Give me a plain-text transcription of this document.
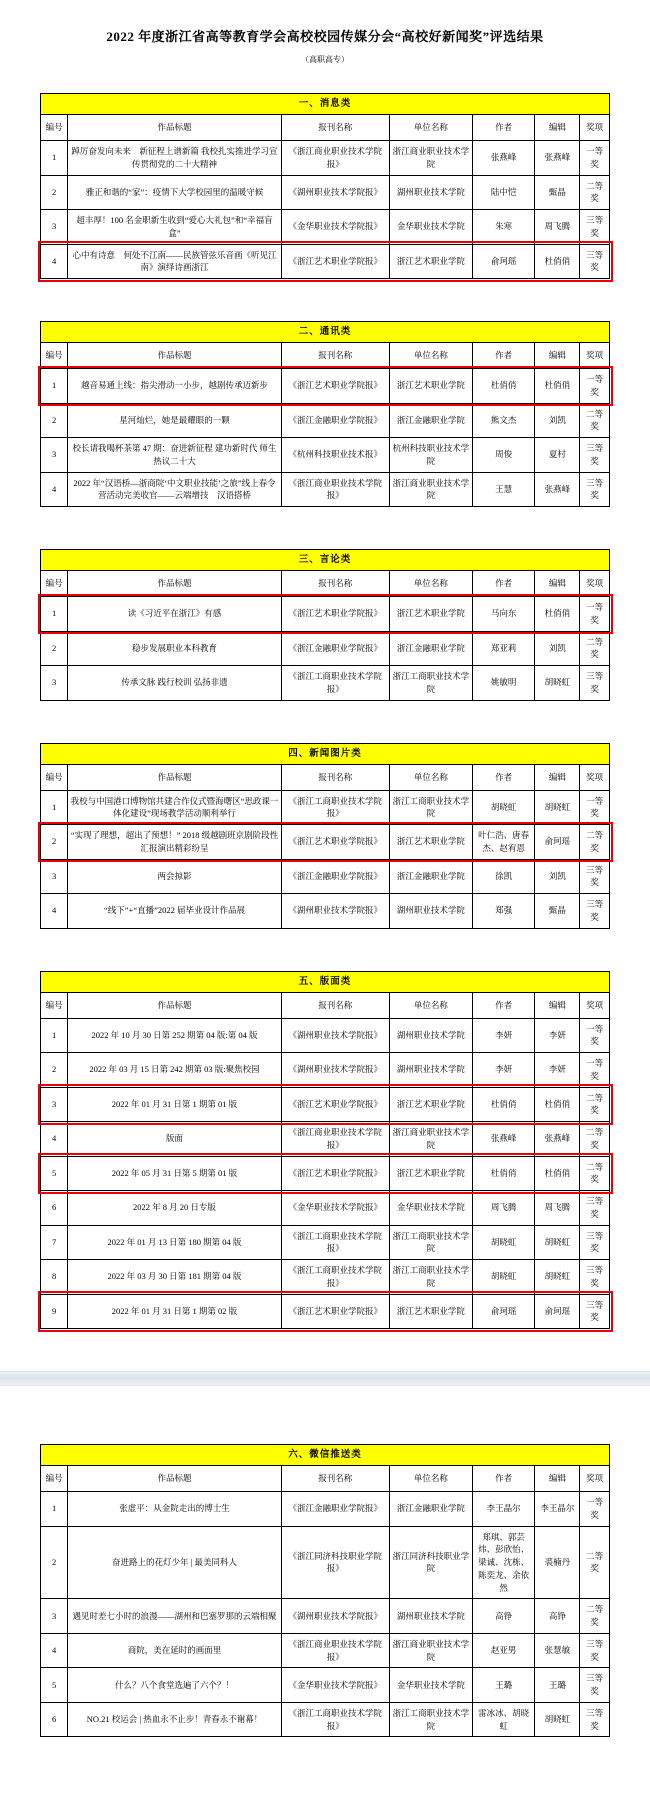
2022 年度浙江省高等教育学会高校校园传媒分会“高校好新闻奖”评选结果
（高职高专）
一、消息类						
编号	作品标题	报刊名称	单位名称	作者	编辑	奖项
1	踔厉奋发向未来　新征程上谱新篇 我校扎实推进学习宣传贯彻党的二十大精神	《浙江商业职业技术学院报》	浙江商业职业技术学院	张燕峰	张燕峰	一等奖
2	雅正和谐的“家”：疫情下大学校园里的温暖守候	《湖州职业技术学院报》	湖州职业技术学院	陆中恺	甄晶	二等奖
3	超丰厚！100 名金职新生收到“爱心大礼包”和“幸福盲盒”	《金华职业技术学院报》	金华职业技术学院	朱寒	周飞腾	三等奖
4	心中有诗意　何处不江南——民族管弦乐音画《听见江南》演绎诗画浙江	《浙江艺术职业学院报》	浙江艺术职业学院	俞珂瑶	杜俏俏	三等奖
二、通讯类						
编号	作品标题	报刊名称	单位名称	作者	编辑	奖项
1	越音易通上线：指尖滑动一小步，越剧传承迈新步	《浙江艺术职业学院报》	浙江艺术职业学院	杜俏俏	杜俏俏	一等奖
2	星河灿烂，她是最耀眼的一颗	《浙江金融职业学院报》	浙江金融职业学院	熊文杰	刘凯	二等奖
3	校长请我喝杯茶第 47 期：奋进新征程 建功新时代 师生热议二十大	《杭州科技职业技术报》	杭州科技职业技术学院	周俊	夏村	三等奖
4	2022 年“汉语桥—浙商院‘中文职业技能’之旅”线上春令营活动完美收官——云端增技　汉语搭桥	《浙江商业职业技术学院报》	浙江商业职业技术学院	王慧	张燕峰	三等奖
三、言论类						
编号	作品标题	报刊名称	单位名称	作者	编辑	奖项
1	读《习近平在浙江》有感	《浙江艺术职业学院报》	浙江艺术职业学院	马向东	杜俏俏	一等奖
2	稳步发展职业本科教育	《浙江金融职业学院报》	浙江金融职业学院	郑亚莉	刘凯	二等奖
3	传承文脉 践行校训 弘扬非遗	《浙江工商职业技术学院报》	浙江工商职业技术学院	姚敏明	胡晓虹	三等奖
四、新闻图片类						
编号	作品标题	报刊名称	单位名称	作者	编辑	奖项
1	我校与中国港口博物馆共建合作仪式暨海曙区“思政课一体化建设”现场教学活动顺利举行	《浙江工商职业技术学院报》	浙江工商职业技术学院	胡晓虹	胡晓虹	一等奖
2	“实现了理想，超出了预想！” 2018 级越剧班京剧阶段性汇报演出精彩纷呈	《浙江艺术职业学院报》	浙江艺术职业学院	叶仁浩、唐春杰、赵宥恩	俞珂瑶	二等奖
3	两会掠影	《浙江金融职业学院报》	浙江金融职业学院	徐凯	刘凯	三等奖
4	“线下”+“直播”2022 届毕业设计作品展	《湖州职业技术学院报》	湖州职业技术学院	郑强	甄晶	三等奖
五、版面类						
编号	作品标题	报刊名称	单位名称	作者	编辑	奖项
1	2022 年 10 月 30 日第 252 期第 04 版:第 04 版	《湖州职业技术学院报》	湖州职业技术学院	李妍	李妍	一等奖
2	2022 年 03 月 15 日第 242 期第 03 版:聚焦校园	《湖州职业技术学院报》	湖州职业技术学院	李妍	李妍	一等奖
3	2022 年 01 月 31 日第 1 期第 01 版	《浙江艺术职业学院报》	浙江艺术职业学院	杜俏俏	杜俏俏	二等奖
4	版面	《浙江商业职业技术学院报》	浙江商业职业技术学院	张燕峰	张燕峰	二等奖
5	2022 年 05 月 31 日第 5 期第 01 版	《浙江艺术职业学院报》	浙江艺术职业学院	杜俏俏	杜俏俏	二等奖
6	2022 年 8 月 20 日专版	《金华职业技术学院报》	金华职业技术学院	周飞腾	周飞腾	三等奖
7	2022 年 01 月 13 日第 180 期第 04 版	《浙江工商职业技术学院报》	浙江工商职业技术学院	胡晓虹	胡晓虹	三等奖
8	2022 年 03 月 30 日第 181 期第 04 版	《浙江工商职业技术学院报》	浙江工商职业技术学院	胡晓虹	胡晓虹	三等奖
9	2022 年 01 月 31 日第 1 期第 02 版	《浙江艺术职业学院报》	浙江艺术职业学院	俞珂瑶	俞珂瑶	三等奖
六、微信推送类						
编号	作品标题	报刊名称	单位名称	作者	编辑	奖项
1	张虚平：从金院走出的博士生	《浙江金融职业学院报》	浙江金融职业学院	李王晶尔	李王晶尔	一等奖
2	奋进路上的花灯少年 | 最美同科人	《浙江同济科技职业学院报》	浙江同济科技职业学院	郑琪、郭芸炜、彭欣怡、梁诚、沈栋、陈奕龙、余依然	裘楠丹	二等奖
3	遇见时差七小时的浪漫——湖州和巴塞罗那的云端相聚	《湖州职业技术学院报》	湖州职业技术学院	高铮	高铮	二等奖
4	商院，美在延时的画面里	《浙江商业职业技术学院报》	浙江商业职业技术学院	赵亚男	张慧敏	三等奖
5	什么？八个食堂选遍了六个？！	《金华职业技术学院报》	金华职业技术学院	王璐	王璐	三等奖
6	NO.21 校运会 | 热血永不止步！青春永不谢幕！	《浙江工商职业技术学院报》	浙江工商职业技术学院	雷冰冰、胡晓虹	胡晓虹	三等奖
